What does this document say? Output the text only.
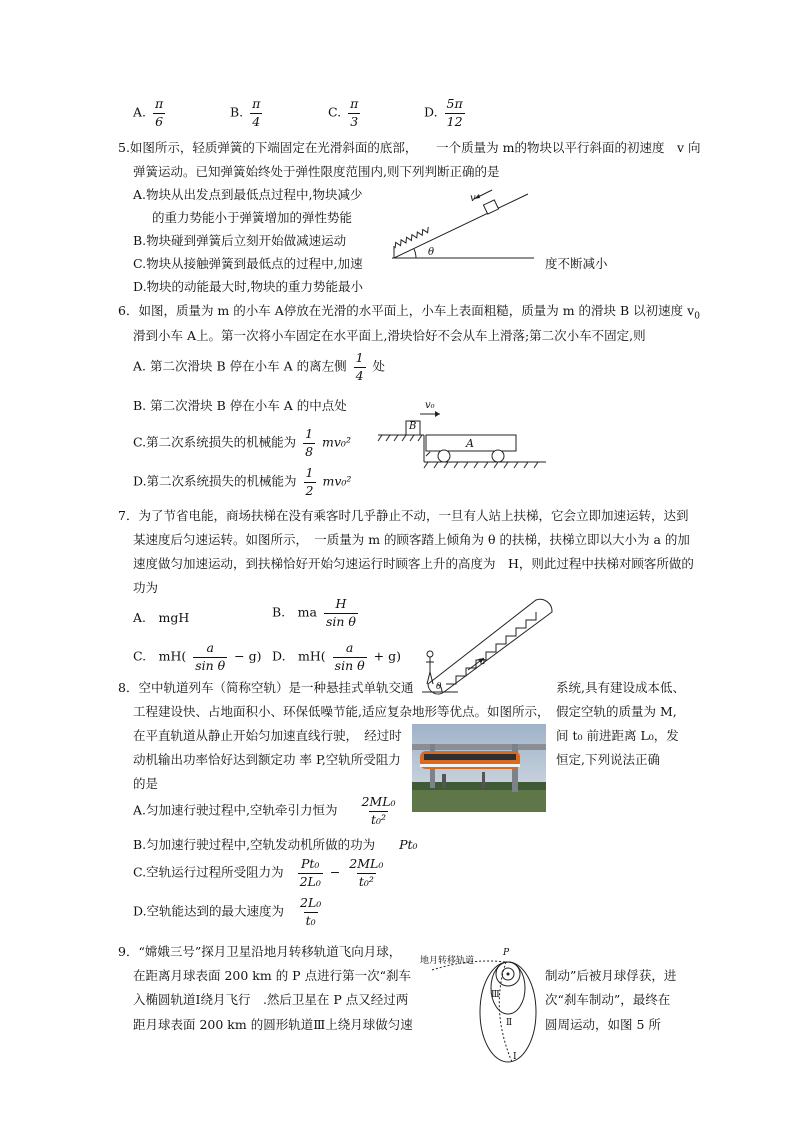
A. $\frac{\pi}{6}$	B. $\frac{\pi}{4}$	C. $\frac{\pi}{3}$	D. $\frac{5\pi}{12}$
5.如图所示，轻质弹簧的下端固定在光滑斜面的底部，　　一个质量为 m的物块以平行斜面的初速度　v 向
弹簧运动。已知弹簧始终处于弹性限度范围内,则下列判断正确的是
A.物块从出发点到最低点过程中,物块减少
的重力势能小于弹簧增加的弹性势能
B.物块碰到弹簧后立刻开始做减速运动
C.物块从接触弹簧到最低点的过程中,加速	度不断减小
D.物块的动能最大时,物块的重力势能最小
v
θ
6．如图，质量为 m 的小车 A停放在光滑的水平面上，小车上表面粗糙，质量为 m 的滑块 B 以初速度 $v_0$
滑到小车 A上。第一次将小车固定在水平面上,滑块恰好不会从车上滑落;第二次小车不固定,则
A. 第二次滑块 B 停在小车 A 的离左侧 $\frac{1}{4}$ 处
B. 第二次滑块 B 停在小车 A 的中点处
C.第二次系统损失的机械能为 $\frac{1}{8} mv_0^2$
D.第二次系统损失的机械能为 $\frac{1}{2} mv_0^2$
v₀
B
A
7．为了节省电能，商场扶梯在没有乘客时几乎静止不动，一旦有人站上扶梯，它会立即加速运转，达到
某速度后匀速运转。如图所示，　一质量为 m 的顾客踏上倾角为 θ 的扶梯，扶梯立即以大小为 a 的加
速度做匀加速运动，到扶梯恰好开始匀速运行时顾客上升的高度为　H，则此过程中扶梯对顾客所做的
功为
A.　mgH	B.　ma $\frac{H}{\text{sin θ}}$
C.　$mH( \frac{a}{\text{sin θ}} - g)$ D.　$mH( \frac{a}{\text{sin θ}} + g)$	a
θ
8．空中轨道列车（简称空轨）是一种悬挂式单轨交通	系统,具有建设成本低、
工程建设快、占地面积小、环保低噪节能,适应复杂地形等优点。如图所示， 假定空轨的质量为 M,
在平直轨道从静止开始匀加速直线行驶，　经过时	间 t₀ 前进距离 L₀，发
动机输出功率恰好达到额定功 率 P,空轨所受阻力	恒定,下列说法正确
的是
A.匀加速行驶过程中,空轨牵引力恒为 $\frac{\text{2ML₀}}{\text{t₀²}}$
B.匀加速行驶过程中,空轨发动机所做的功为 Pt₀
C.空轨运行过程所受阻力为 $\frac{\text{Pt₀}}{\text{2L₀}} - \frac{\text{2ML₀}}{\text{t₀²}}$
D.空轨能达到的最大速度为 $\frac{\text{2L₀}}{\text{t₀}}$
9．“嫦娥三号”探月卫星沿地月转移轨道飞向月球，
在距离月球表面 200 km 的 P 点进行第一次“刹车	制动”后被月球俘获，进
入椭圆轨道Ⅰ绕月飞行　.然后卫星在 P 点又经过两	次“刹车制动”，最终在
距月球表面 200 km 的圆形轨道Ⅲ上绕月球做匀速	圆周运动，如图 5 所
地月转移轨道
P
Ⅲ
Ⅱ
Ⅰ
